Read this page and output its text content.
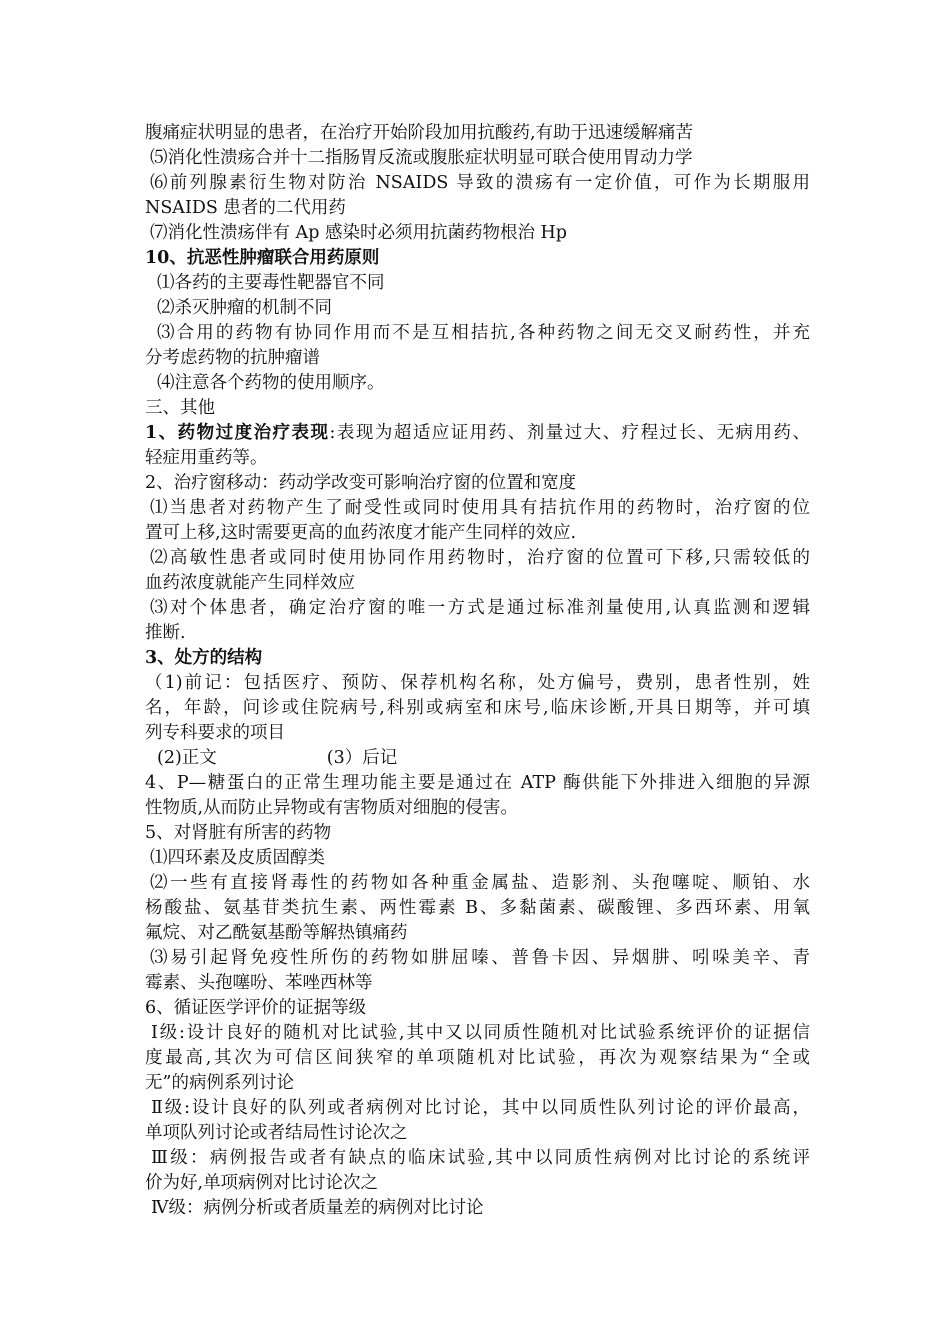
腹痛症状明显的患者，在治疗开始阶段加用抗酸药,有助于迅速缓解痛苦
⑸消化性溃疡合并十二指肠胃反流或腹胀症状明显可联合使用胃动力学
⑹前列腺素衍生物对防治 NSAIDS 导致的溃疡有一定价值，可作为长期服用
NSAIDS 患者的二代用药
⑺消化性溃疡伴有 Ap 感染时必须用抗菌药物根治 Hp
10、抗恶性肿瘤联合用药原则
⑴各药的主要毒性靶器官不同
⑵杀灭肿瘤的机制不同
⑶合用的药物有协同作用而不是互相拮抗,各种药物之间无交叉耐药性，并充
分考虑药物的抗肿瘤谱
⑷注意各个药物的使用顺序。
三、其他
1、药物过度治疗表现:表现为超适应证用药、剂量过大、疗程过长、无病用药、
轻症用重药等。
2、治疗窗移动：药动学改变可影响治疗窗的位置和宽度
⑴当患者对药物产生了耐受性或同时使用具有拮抗作用的药物时，治疗窗的位
置可上移,这时需要更高的血药浓度才能产生同样的效应.
⑵高敏性患者或同时使用协同作用药物时，治疗窗的位置可下移,只需较低的
血药浓度就能产生同样效应
⑶对个体患者，确定治疗窗的唯一方式是通过标准剂量使用,认真监测和逻辑
推断.
3、处方的结构
（1)前记：包括医疗、预防、保荐机构名称，处方偏号，费别，患者性别，姓
名，年龄，问诊或住院病号,科别或病室和床号,临床诊断,开具日期等，并可填
列专科要求的项目
(2)正文	(3）后记
4、P—糖蛋白的正常生理功能主要是通过在 ATP 酶供能下外排进入细胞的异源
性物质,从而防止异物或有害物质对细胞的侵害。
5、对肾脏有所害的药物
⑴四环素及皮质固醇类
⑵一些有直接肾毒性的药物如各种重金属盐、造影剂、头孢噻啶、顺铂、水
杨酸盐、氨基苷类抗生素、两性霉素 B、多黏菌素、碳酸锂、多西环素、用氧
氟烷、对乙酰氨基酚等解热镇痛药
⑶易引起肾免疫性所伤的药物如肼屈嗪、普鲁卡因、异烟肼、吲哚美辛、青
霉素、头孢噻吩、苯唑西林等
6、循证医学评价的证据等级
Ⅰ级:设计良好的随机对比试验,其中又以同质性随机对比试验系统评价的证据信
度最高,其次为可信区间狭窄的单项随机对比试验，再次为观察结果为“全或
无”的病例系列讨论
Ⅱ级:设计良好的队列或者病例对比讨论，其中以同质性队列讨论的评价最高，
单项队列讨论或者结局性讨论次之
Ⅲ级：病例报告或者有缺点的临床试验,其中以同质性病例对比讨论的系统评
价为好,单项病例对比讨论次之
Ⅳ级：病例分析或者质量差的病例对比讨论
